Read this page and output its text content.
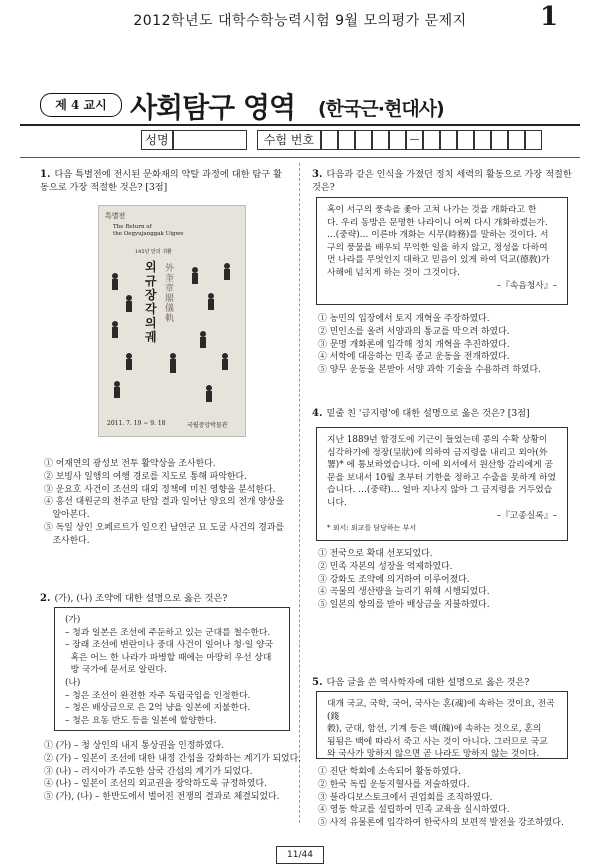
2012학년도 대학수학능력시험 9월 모의평가 문제지	1
제 4 교시 사회탐구 영역 (한국근·현대사)
성명	수험 번호	—
1. 다음 특별전에 전시된 문화재의 약탈 과정에 대한 탐구 활동으로 가장 적절한 것은? [3점]
특별전
The Return of
the Oegyujanggak Uigwe
145년 만의 귀환
외규장각 의궤
外奎章閣 儀軌
2011. 7. 19 ~ 9. 18	국립중앙박물관
① 어재연의 광성보 전투 활약상을 조사한다.
② 보빙사 일행의 여행 경로를 지도로 통해 파악한다.
③ 운요호 사건이 조선의 대외 정책에 미친 영향을 분석한다.
④ 흥선 대원군의 천주교 탄압 결과 일어난 양요의 전개 양상을
알아본다.
⑤ 독일 상인 오페르트가 일으킨 남연군 묘 도굴 사건의 경과를
조사한다.
2. (가), (나) 조약에 대한 설명으로 옳은 것은?
(가)
– 청과 일본은 조선에 주둔하고 있는 군대를 철수한다.
– 장래 조선에 변란이나 중대 사건이 일어나 청·일 양국
혹은 어느 한 나라가 파병할 때에는 마땅히 우선 상대
방 국가에 문서로 알린다.
(나)
– 청은 조선이 완전한 자주 독립국임을 인정한다.
– 청은 배상금으로 은 2억 냥을 일본에 지불한다.
– 청은 요동 반도 등을 일본에 할양한다.
① (가) – 청 상인의 내지 통상권을 인정하였다.
② (가) – 일본이 조선에 대한 내정 간섭을 강화하는 계기가 되었다.
③ (나) – 러시아가 주도한 삼국 간섭의 계기가 되었다.
④ (나) – 일본이 조선의 외교권을 장악하도록 규정하였다.
⑤ (가), (나) – 한반도에서 벌어진 전쟁의 결과로 체결되었다.
3. 다음과 같은 인식을 가졌던 정치 세력의 활동으로 가장 적절한 것은?
혹이 서구의 풍속을 좇아 고쳐 나가는 것을 개화라고 한
다. 우리 동방은 문명한 나라이니 어찌 다시 개화하겠는가.
…(중략)… 이른바 개화는 시무(時務)를 말하는 것이다. 서
구의 풍물을 배우되 무익한 일을 하지 않고, 정성을 다하여
먼 나라를 무엇인지 대하고 믿음이 있게 하여 덕교(德敎)가
사해에 넘치게 하는 것이 그것이다.
–『속음청사』–
① 농민의 입장에서 토지 개혁을 주장하였다.
② 민인소를 올려 서양과의 통교를 막으려 하였다.
③ 문명 개화론에 입각해 정치 개혁을 추진하였다.
④ 서학에 대응하는 민족 종교 운동을 전개하였다.
⑤ 양무 운동을 본받아 서양 과학 기술을 수용하려 하였다.
4. 밑줄 친 '금지령'에 대한 설명으로 옳은 것은? [3점]
지난 1889년 함경도에 기근이 들었는데 콩의 수확 상황이
심각하기에 정장(呈狀)에 의하여 금지령을 내리고 외아(外
署)* 에 통보하였습니다. 이에 외서에서 원산항 감리에게 공
문을 보내서 10월 초부터 기한을 정하고 수출을 못하게 하였
습니다. …(중략)… 얼마 지나지 않아 그 금지령을 거두었습
니다.
–『고종실록』–
* 외서: 외교를 담당하는 부서
① 전국으로 확대 선포되었다.
② 민족 자본의 성장을 억제하였다.
③ 강화도 조약에 의거하여 이루어졌다.
④ 곡물의 생산량을 늘리기 위해 시행되었다.
⑤ 일본의 항의를 받아 배상금을 지불하였다.
5. 다음 글을 쓴 역사학자에 대한 설명으로 옳은 것은?
대개 국교, 국학, 국어, 국사는 혼(魂)에 속하는 것이요, 전곡(錢
穀), 군대, 함선, 기계 등은 백(魄)에 속하는 것으로, 혼의
됨됨은 백에 따라서 죽고 사는 것이 아니다. 그러므로 국교
와 국사가 망하지 않으면 곧 나라도 망하지 않는 것이다.
① 진단 학회에 소속되어 활동하였다.
② 한국 독립 운동지혈사를 저술하였다.
③ 블라디보스토크에서 권업회를 조직하였다.
④ 영동 학교를 설립하여 민족 교육을 실시하였다.
⑤ 사적 유물론에 입각하여 한국사의 보편적 발전을 강조하였다.
11/44
